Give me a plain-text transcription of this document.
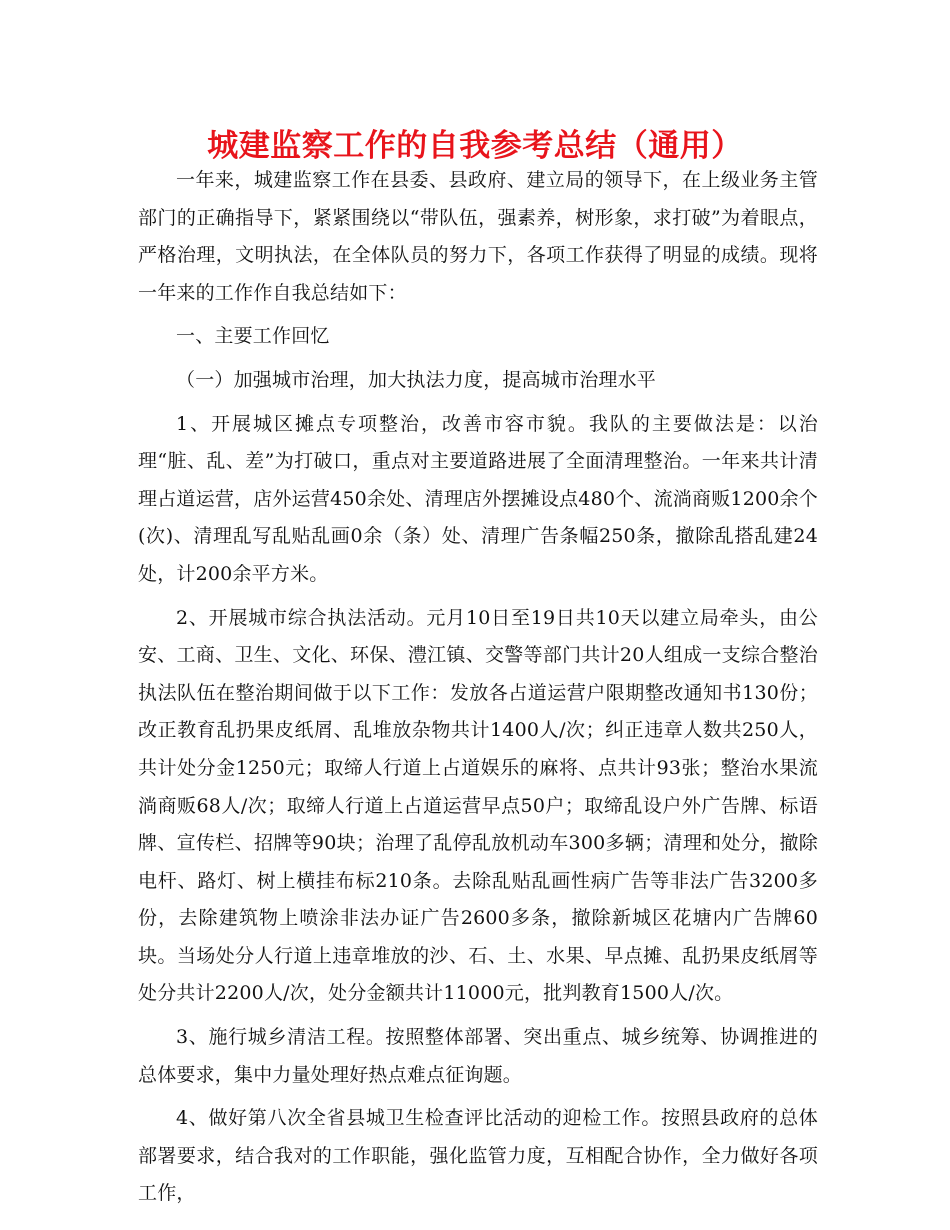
城建监察工作的自我参考总结（通用）

一年来，城建监察工作在县委、县政府、建立局的领导下，在上级业务主管部门的正确指导下，紧紧围绕以“带队伍，强素养，树形象，求打破”为着眼点，严格治理，文明执法，在全体队员的努力下，各项工作获得了明显的成绩。现将一年来的工作作自我总结如下：

一、主要工作回忆

（一）加强城市治理，加大执法力度，提高城市治理水平

1、开展城区摊点专项整治，改善市容市貌。我队的主要做法是：以治理“脏、乱、差”为打破口，重点对主要道路进展了全面清理整治。一年来共计清理占道运营，店外运营450余处、清理店外摆摊设点480个、流淌商贩1200余个(次)、清理乱写乱贴乱画0余（条）处、清理广告条幅250条，撤除乱搭乱建24处，计200余平方米。

2、开展城市综合执法活动。元月10日至19日共10天以建立局牵头，由公安、工商、卫生、文化、环保、澧江镇、交警等部门共计20人组成一支综合整治执法队伍在整治期间做于以下工作：发放各占道运营户限期整改通知书130份；改正教育乱扔果皮纸屑、乱堆放杂物共计1400人/次；纠正违章人数共250人，共计处分金1250元；取缔人行道上占道娱乐的麻将、点共计93张；整治水果流淌商贩68人/次；取缔人行道上占道运营早点50户；取缔乱设户外广告牌、标语牌、宣传栏、招牌等90块；治理了乱停乱放机动车300多辆；清理和处分，撤除电杆、路灯、树上横挂布标210条。去除乱贴乱画性病广告等非法广告3200多份，去除建筑物上喷涂非法办证广告2600多条，撤除新城区花塘内广告牌60块。当场处分人行道上违章堆放的沙、石、土、水果、早点摊、乱扔果皮纸屑等处分共计2200人/次，处分金额共计11000元，批判教育1500人/次。

3、施行城乡清洁工程。按照整体部署、突出重点、城乡统筹、协调推进的总体要求，集中力量处理好热点难点征询题。

4、做好第八次全省县城卫生检查评比活动的迎检工作。按照县政府的总体部署要求，结合我对的工作职能，强化监管力度，互相配合协作，全力做好各项工作，
